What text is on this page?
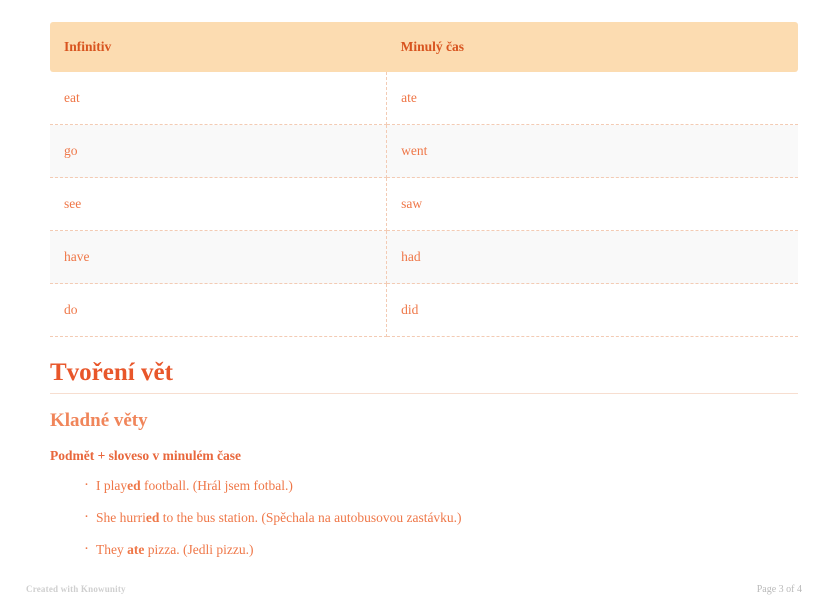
Infinitiv	Minulý čas
eat	ate
go	went
see	saw
have	had
do	did
Tvoření vět
Kladné věty

Podmět + sloveso v minulém čase

· I played football. (Hrál jsem fotbal.)
· She hurried to the bus station. (Spěchala na autobusovou zastávku.)
· They ate pizza. (Jedli pizzu.)
Created with Knowunity	Page 3 of 4
